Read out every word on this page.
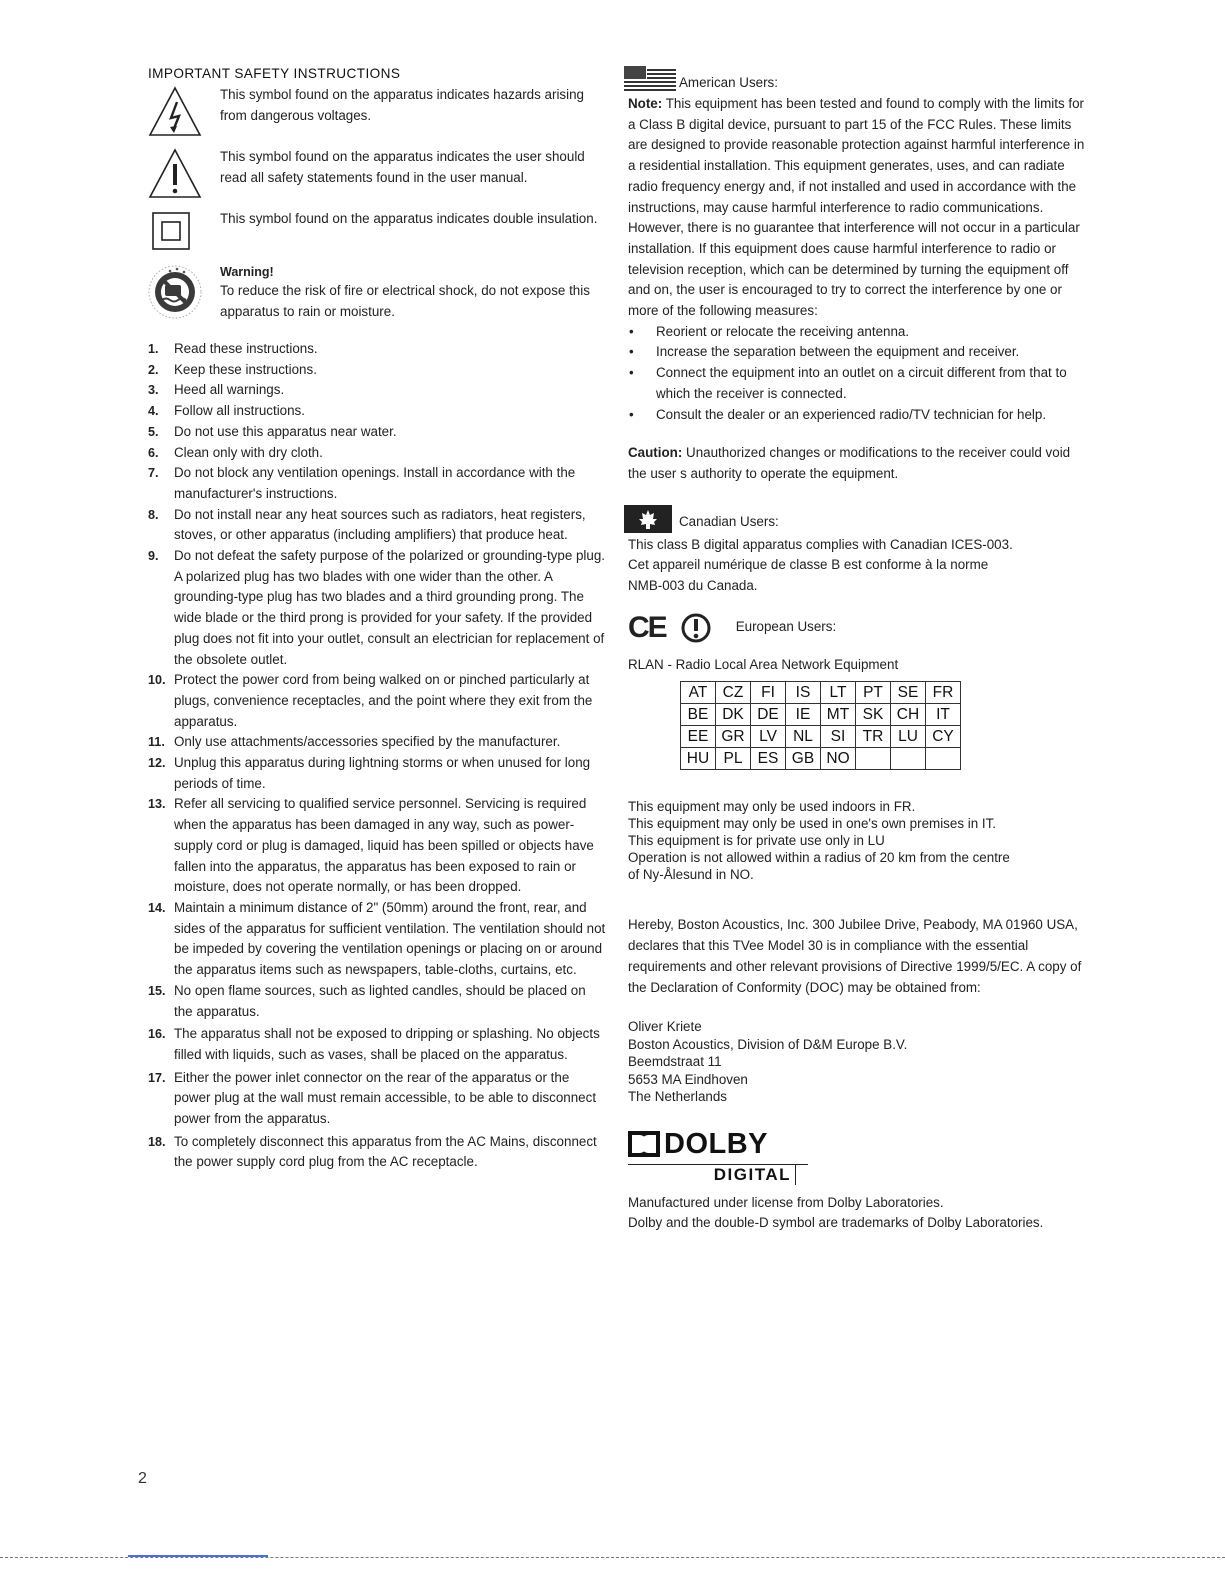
IMPORTANT SAFETY INSTRUCTIONS
This symbol found on the apparatus indicates hazards arising from dangerous voltages.
This symbol found on the apparatus indicates the user should read all safety statements found in the user manual.
This symbol found on the apparatus indicates double insulation.
Warning!
To reduce the risk of fire or electrical shock, do not expose this apparatus to rain or moisture.
1.	Read these instructions.
2.	Keep these instructions.
3.	Heed all warnings.
4.	Follow all instructions.
5.	Do not use this apparatus near water.
6.	Clean only with dry cloth.
7.	Do not block any ventilation openings. Install in accordance with the manufacturer's instructions.
8.	Do not install near any heat sources such as radiators, heat registers, stoves, or other apparatus (including amplifiers) that produce heat.
9.	Do not defeat the safety purpose of the polarized or grounding-type plug. A polarized plug has two blades with one wider than the other. A grounding-type plug has two blades and a third grounding prong. The wide blade or the third prong is provided for your safety. If the provided plug does not fit into your outlet, consult an electrician for replacement of the obsolete outlet.
10. Protect the power cord from being walked on or pinched particularly at plugs, convenience receptacles, and the point where they exit from the apparatus.
11. Only use attachments/accessories specified by the manufacturer.
12. Unplug this apparatus during lightning storms or when unused for long periods of time.
13. Refer all servicing to qualified service personnel. Servicing is required when the apparatus has been damaged in any way, such as power-supply cord or plug is damaged, liquid has been spilled or objects have fallen into the apparatus, the apparatus has been exposed to rain or moisture, does not operate normally, or has been dropped.
14. Maintain a minimum distance of 2" (50mm) around the front, rear, and sides of the apparatus for sufficient ventilation. The ventilation should not be impeded by covering the ventilation openings or placing on or around the apparatus items such as newspapers, table-cloths, curtains, etc.
15. No open flame sources, such as lighted candles, should be placed on the apparatus.
16. The apparatus shall not be exposed to dripping or splashing. No objects filled with liquids, such as vases, shall be placed on the apparatus.
17. Either the power inlet connector on the rear of the apparatus or the power plug at the wall must remain accessible, to be able to disconnect power from the apparatus.
18. To completely disconnect this apparatus from the AC Mains, disconnect the power supply cord plug from the AC receptacle.
American Users:
Note: This equipment has been tested and found to comply with the limits for a Class B digital device, pursuant to part 15 of the FCC Rules. These limits are designed to provide reasonable protection against harmful interference in a residential installation. This equipment generates, uses, and can radiate radio frequency energy and, if not installed and used in accordance with the instructions, may cause harmful interference to radio communications. However, there is no guarantee that interference will not occur in a particular installation. If this equipment does cause harmful interference to radio or television reception, which can be determined by turning the equipment off and on, the user is encouraged to try to correct the interference by one or more of the following measures:
•	Reorient or relocate the receiving antenna.
•	Increase the separation between the equipment and receiver.
•	Connect the equipment into an outlet on a circuit different from that to which the receiver is connected.
•	Consult the dealer or an experienced radio/TV technician for help.
Caution: Unauthorized changes or modifications to the receiver could void the user s authority to operate the equipment.
Canadian Users:
This class B digital apparatus complies with Canadian ICES-003.
Cet appareil numérique de classe B est conforme à la norme
NMB-003 du Canada.
CE	European Users:
RLAN - Radio Local Area Network Equipment
AT	CZ	FI	IS	LT	PT	SE	FR
BE	DK	DE	IE	MT	SK	CH	IT
EE	GR	LV	NL	SI	TR	LU	CY
HU	PL	ES	GB	NO			
This equipment may only be used indoors in FR.
This equipment may only be used in one's own premises in IT.
This equipment is for private use only in LU
Operation is not allowed within a radius of 20 km from the centre
of Ny-Ålesund in NO.
Hereby, Boston Acoustics, Inc. 300 Jubilee Drive, Peabody, MA 01960 USA, declares that this TVee Model 30 is in compliance with the essential requirements and other relevant provisions of Directive 1999/5/EC. A copy of the Declaration of Conformity (DOC) may be obtained from:
Oliver Kriete
Boston Acoustics, Division of D&M Europe B.V.
Beemdstraat 11
5653 MA Eindhoven
The Netherlands
DOLBY
DIGITAL
Manufactured under license from Dolby Laboratories.
Dolby and the double-D symbol are trademarks of Dolby Laboratories.
2
